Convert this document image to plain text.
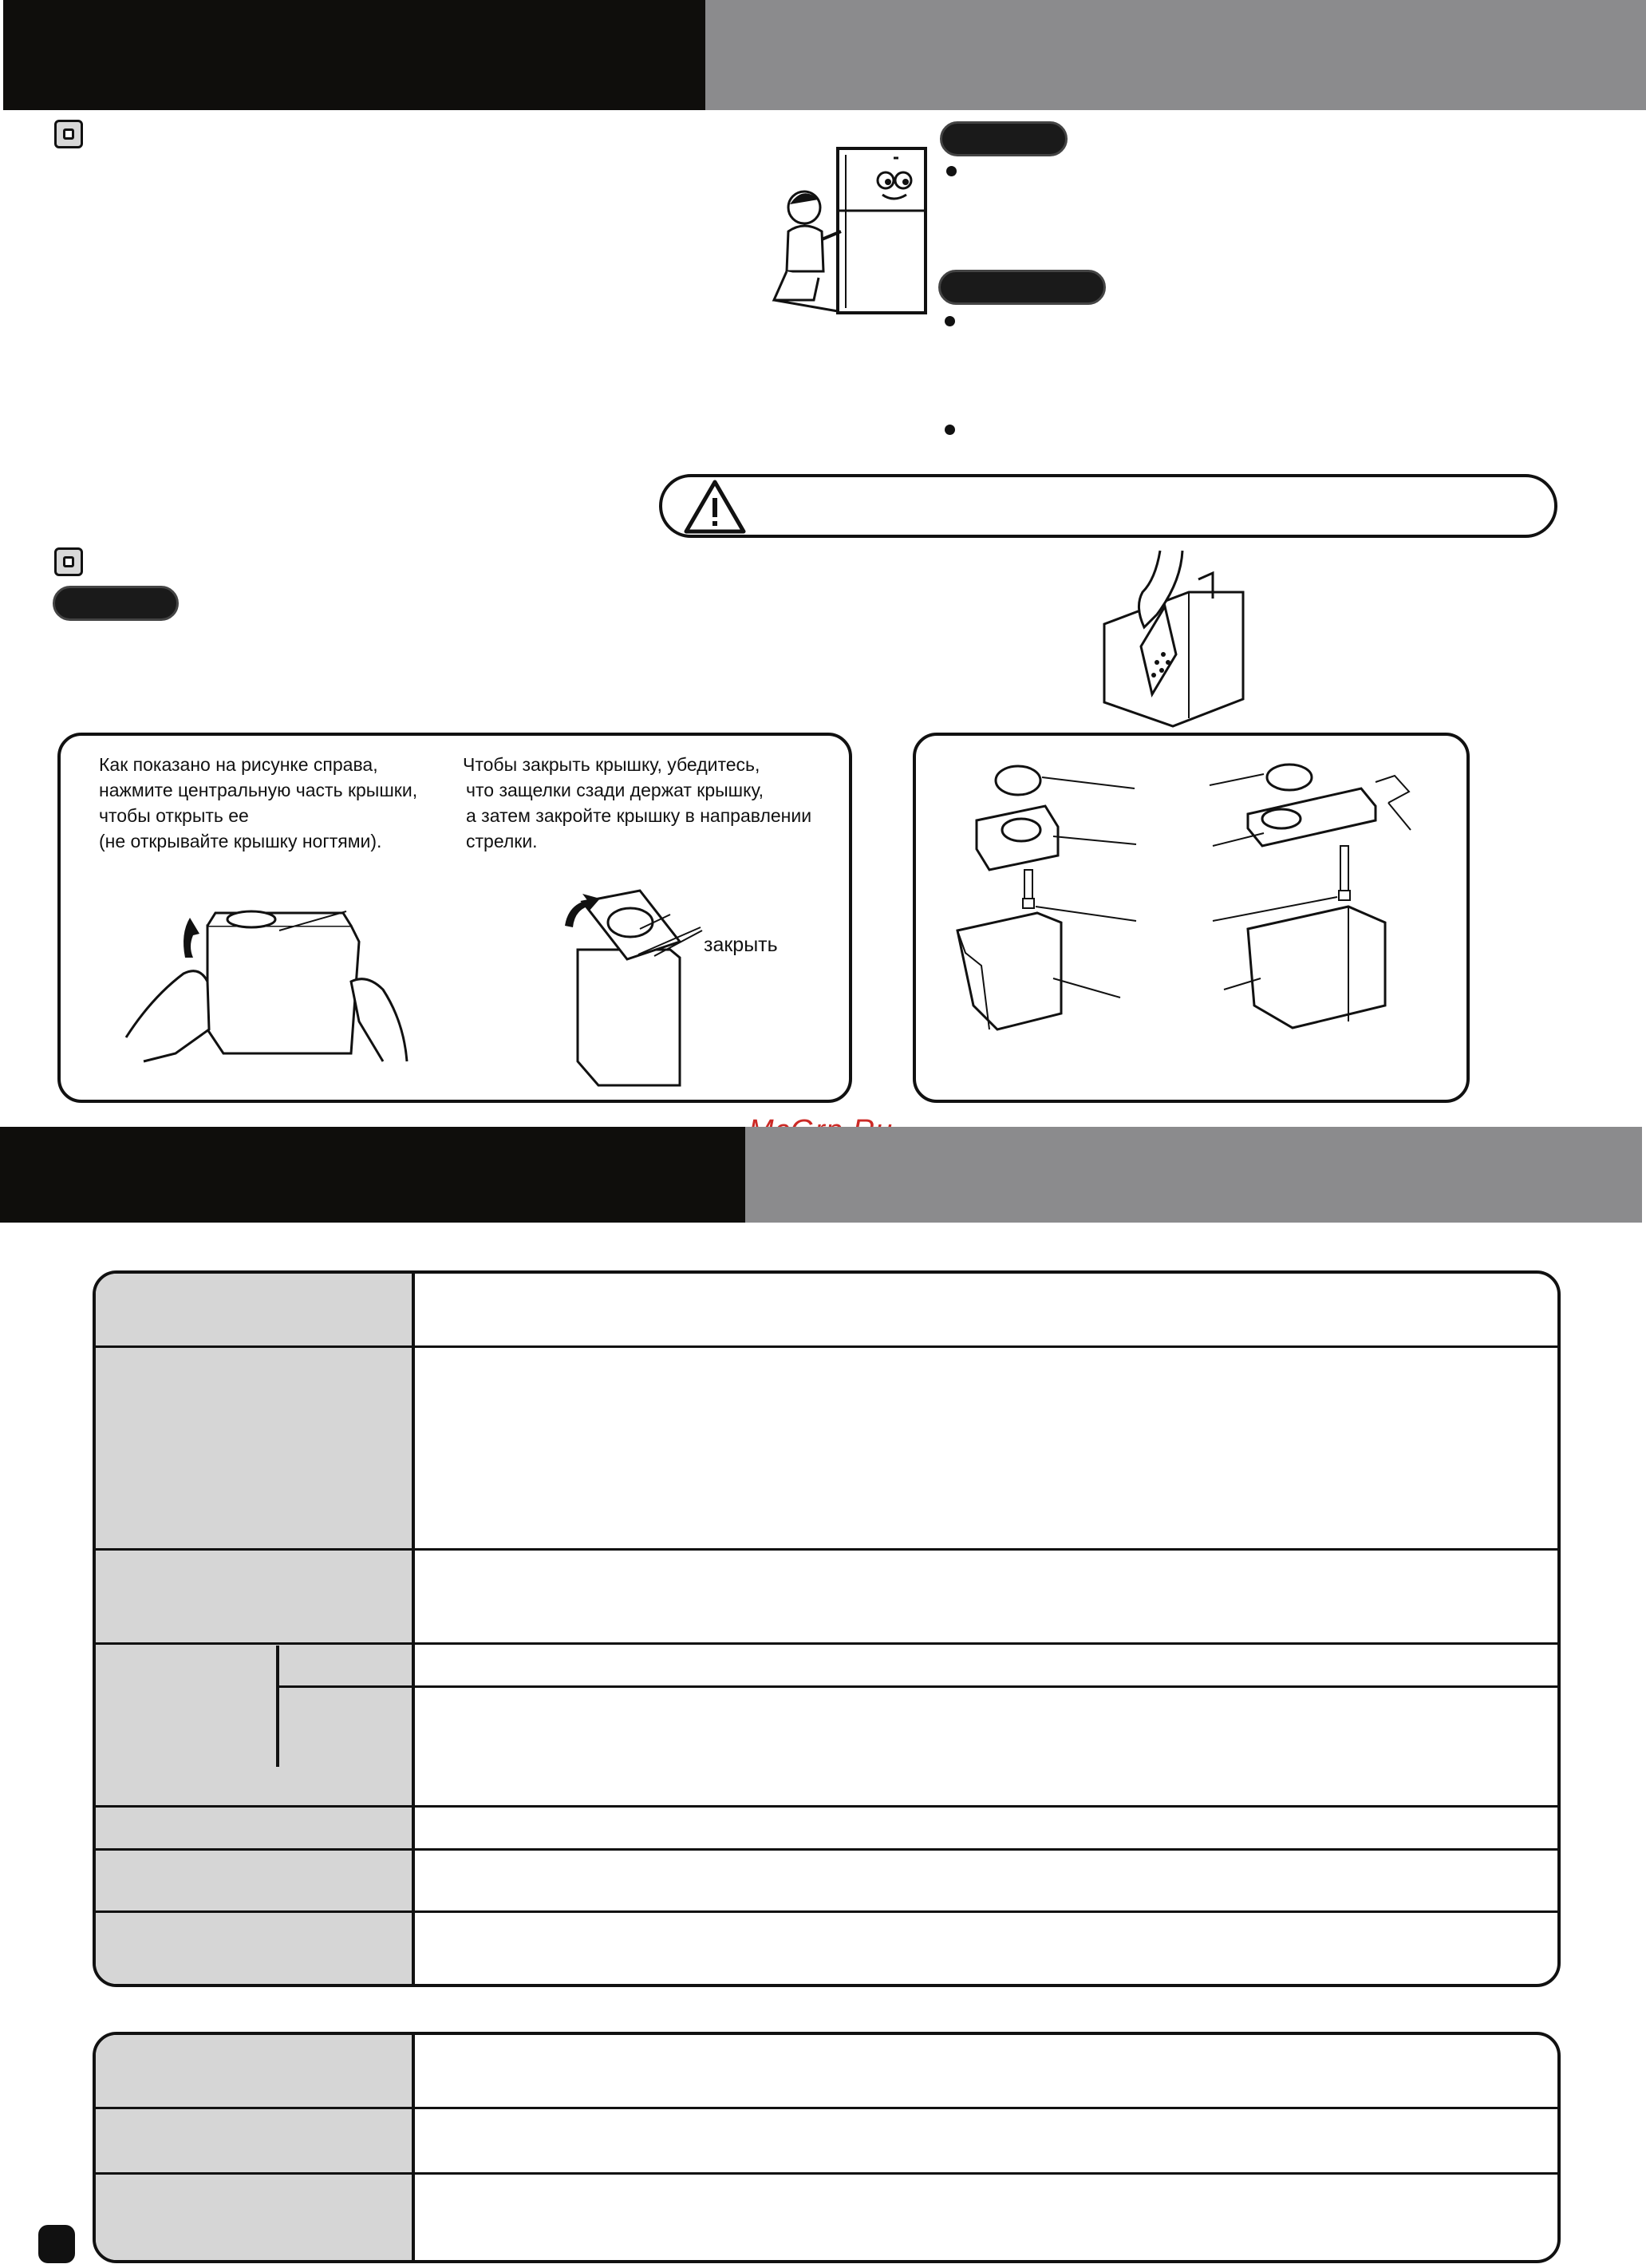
Как показано на рисунке справа,
нажмите центральную часть крышки,
чтобы открыть ее
(не открывайте крышку ногтями).
Чтобы закрыть крышку, убедитесь,
что защелки сзади держат крышку,
а затем закройте крышку в направлении
стрелки.
закрыть
